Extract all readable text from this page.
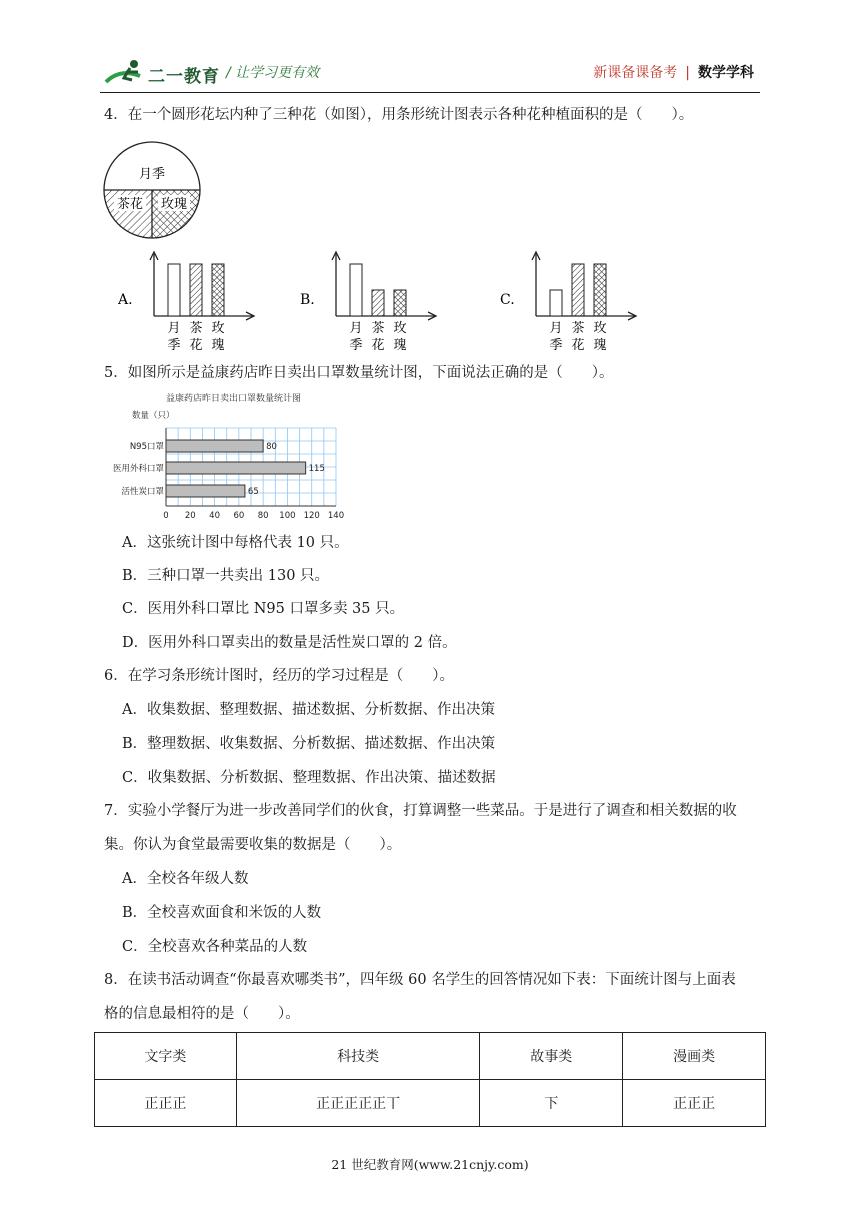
二一教育 / 让学习更有效	新课备课备考 | 数学学科
4．在一个圆形花坛内种了三种花（如图），用条形统计图表示各种花种植面积的是（　　）。
月季
茶花 玫瑰
A.
月
季
茶
花
玫
瑰
B.
月
季
茶
花
玫
瑰
C.
月
季
茶
花
玫
瑰
5．如图所示是益康药店昨日卖出口罩数量统计图，下面说法正确的是（　　）。
益康药店昨日卖出口罩数量统计图
数量（只）
N95口罩	80
医用外科口罩	115
活性炭口罩	65
0 20 40 60 80 100 120 140
A．这张统计图中每格代表 10 只。
B．三种口罩一共卖出 130 只。
C．医用外科口罩比 N95 口罩多卖 35 只。
D．医用外科口罩卖出的数量是活性炭口罩的 2 倍。
6．在学习条形统计图时，经历的学习过程是（　　）。
A．收集数据、整理数据、描述数据、分析数据、作出决策
B．整理数据、收集数据、分析数据、描述数据、作出决策
C．收集数据、分析数据、整理数据、作出决策、描述数据
7．实验小学餐厅为进一步改善同学们的伙食，打算调整一些菜品。于是进行了调查和相关数据的收
集。你认为食堂最需要收集的数据是（　　）。
A．全校各年级人数
B．全校喜欢面食和米饭的人数
C．全校喜欢各种菜品的人数
8．在读书活动调查“你最喜欢哪类书”，四年级 60 名学生的回答情况如下表：下面统计图与上面表
格的信息最相符的是（　　）。
文字类	科技类	故事类	漫画类
正正正	正正正正正丅	下	正正正
21 世纪教育网(www.21cnjy.com)
